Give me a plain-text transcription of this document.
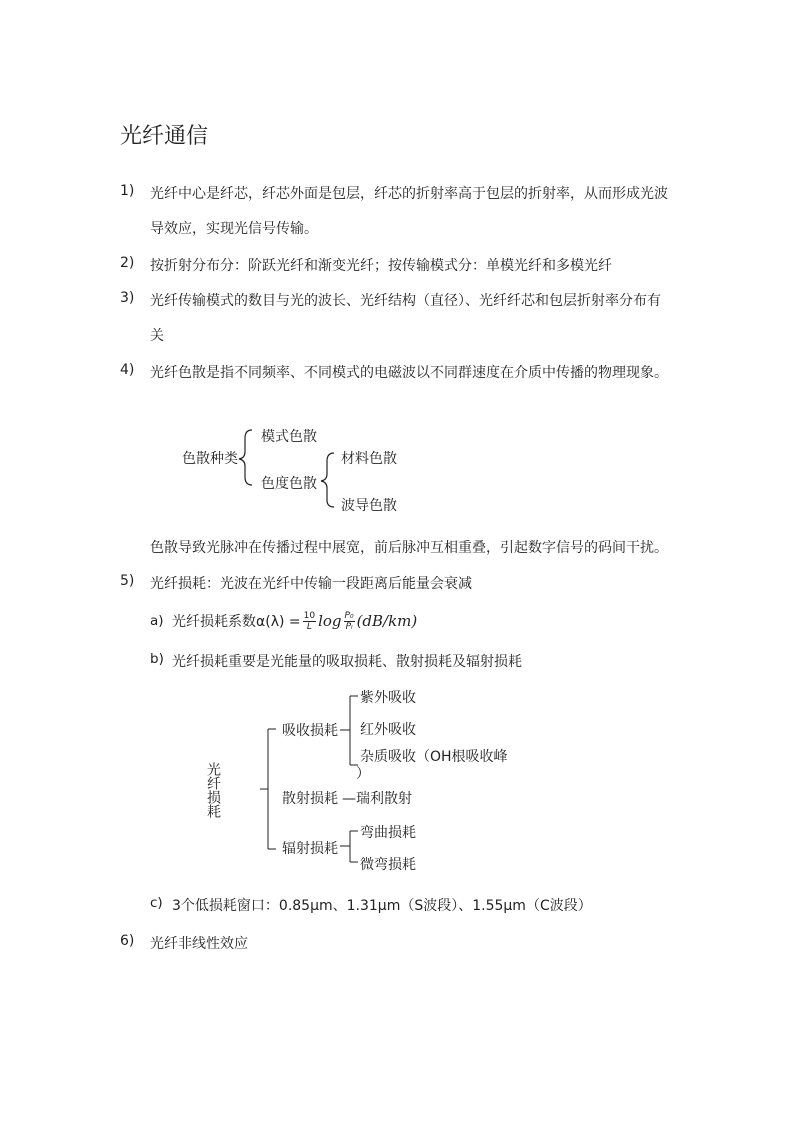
光纤通信
1) 光纤中心是纤芯，纤芯外面是包层，纤芯的折射率高于包层的折射率，从而形成光波
导效应，实现光信号传输。
2) 按折射分布分：阶跃光纤和渐变光纤；按传输模式分：单模光纤和多模光纤
3) 光纤传输模式的数目与光的波长、光纤结构（直径）、光纤纤芯和包层折射率分布有
关
4) 光纤色散是指不同频率、不同模式的电磁波以不同群速度在介质中传播的物理现象。
色散种类
模式色散
色度色散
材料色散
波导色散
色散导致光脉冲在传播过程中展宽，前后脉冲互相重叠，引起数字信号的码间干扰。
5) 光纤损耗：光波在光纤中传输一段距离后能量会衰减
a) 光纤损耗系数$\alpha(\lambda) = \frac{10}{L}$ $\log \frac{\text{P₀}}{\text{Pₗ}} (dB/km)$
b) 光纤损耗重要是光能量的吸取损耗、散射损耗及辐射损耗
光纤损耗
吸收损耗
紫外吸收
红外吸收
杂质吸收（OH根吸收峰
）
散射损耗 —瑞利散射
辐射损耗
弯曲损耗
微弯损耗
c) 3个低损耗窗口：0.85μm、1.31μm（S波段）、1.55μm（C波段）
6) 光纤非线性效应
